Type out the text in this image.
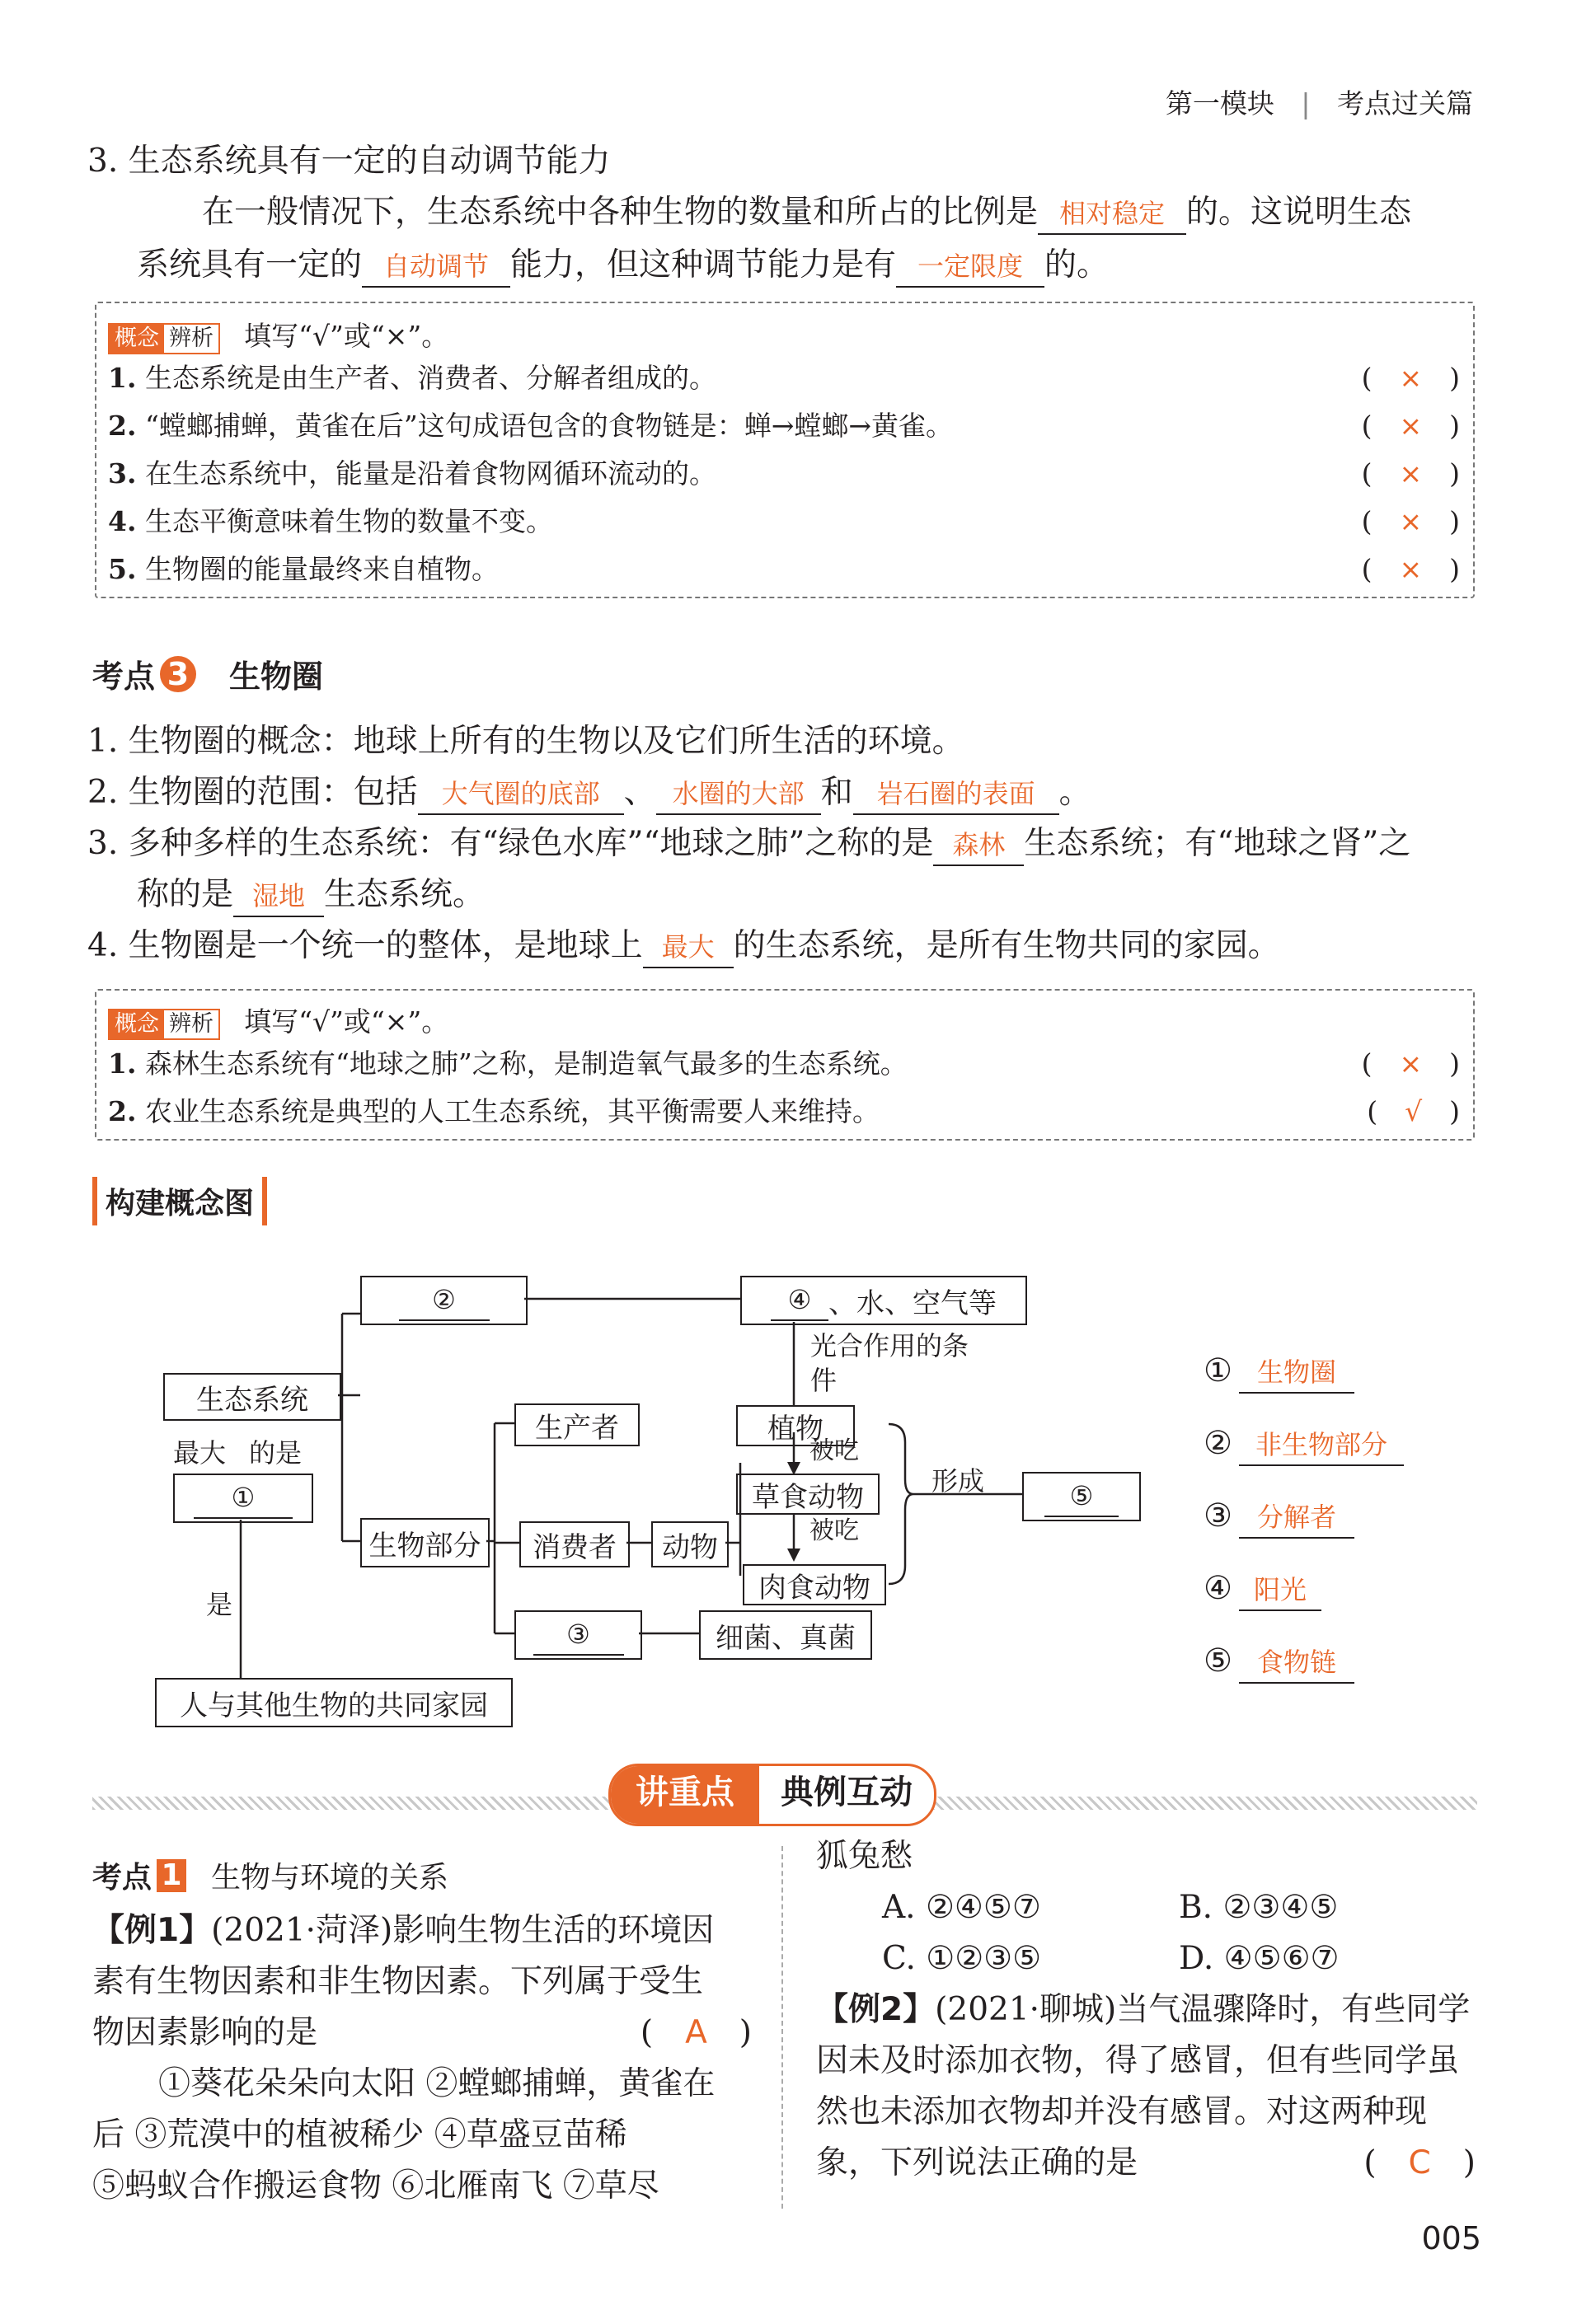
第一模块 | 考点过关篇
3. 生态系统具有一定的自动调节能力
在一般情况下，生态系统中各种生物的数量和所占的比例是 相对稳定 的。这说明生态
系统具有一定的 自动调节 能力，但这种调节能力是有 一定限度 的。
概念 辨析 填写“√”或“×”。
1. 生态系统是由生产者、消费者、分解者组成的。	(　×　)
2. “螳螂捕蝉，黄雀在后”这句成语包含的食物链是：蝉→螳螂→黄雀。	(　×　)
3. 在生态系统中，能量是沿着食物网循环流动的。	(　×　)
4. 生态平衡意味着生物的数量不变。	(　×　)
5. 生物圈的能量最终来自植物。	(　×　)
考点 3 生物圈
1. 生物圈的概念：地球上所有的生物以及它们所生活的环境。
2. 生物圈的范围：包括 大气圈的底部 、 水圈的大部 和 岩石圈的表面 。
3. 多种多样的生态系统：有“绿色水库”“地球之肺”之称的是 森林 生态系统；有“地球之肾”之
称的是 湿地 生态系统。
4. 生物圈是一个统一的整体，是地球上 最大 的生态系统，是所有生物共同的家园。
概念 辨析 填写“√”或“×”。
1. 森林生态系统有“地球之肺”之称，是制造氧气最多的生态系统。	(　×　)
2. 农业生态系统是典型的人工生态系统，其平衡需要人来维持。	(　√　)
构建概念图
②	④ 、水、空气等
光合作用的条件
生态系统
最大 的是
①
是
人与其他生物的共同家园
生物部分
生产者
消费者 动物
③	细菌、真菌
植物
被吃
草食动物
被吃
肉食动物
形成	⑤
① 生物圈
② 非生物部分
③ 分解者
④ 阳光
⑤ 食物链
讲重点	典例互动
考点 1 生物与环境的关系
【例1】(2021·菏泽)影响生物生活的环境因
素有生物因素和非生物因素。下列属于受生
物因素影响的是	(　A　)
①葵花朵朵向太阳 ②螳螂捕蝉，黄雀在
后 ③荒漠中的植被稀少 ④草盛豆苗稀
⑤蚂蚁合作搬运食物 ⑥北雁南飞 ⑦草尽
狐兔愁
A. ②④⑤⑦	B. ②③④⑤
C. ①②③⑤	D. ④⑤⑥⑦
【例2】(2021·聊城)当气温骤降时，有些同学
因未及时添加衣物，得了感冒，但有些同学虽
然也未添加衣物却并没有感冒。对这两种现
象，下列说法正确的是	(　C　)
005
